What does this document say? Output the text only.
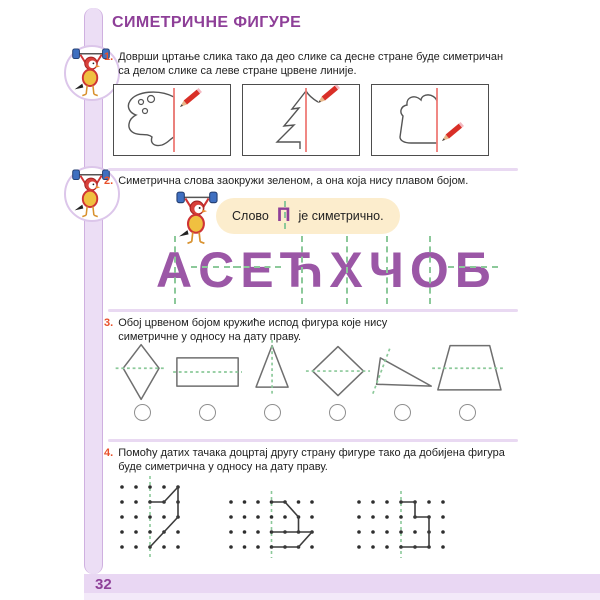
СИМЕТРИЧНЕ ФИГУРЕ
1. Доврши цртање слика тако да део слике са десне стране буде симетричан
са делом слике са леве стране црвене линије.
2. Симетрична слова заокружи зеленом, а она која нису плавом бојом.
Слово П је симетрично.
А С Е Ћ Х Ч О Б
3. Обој црвеном бојом кружиће испод фигура које нису
симетричне у односу на дату праву.
4. Помоћу датих тачака доцртај другу страну фигуре тако да добијена фигура
буде симетрична у односу на дату праву.
32
